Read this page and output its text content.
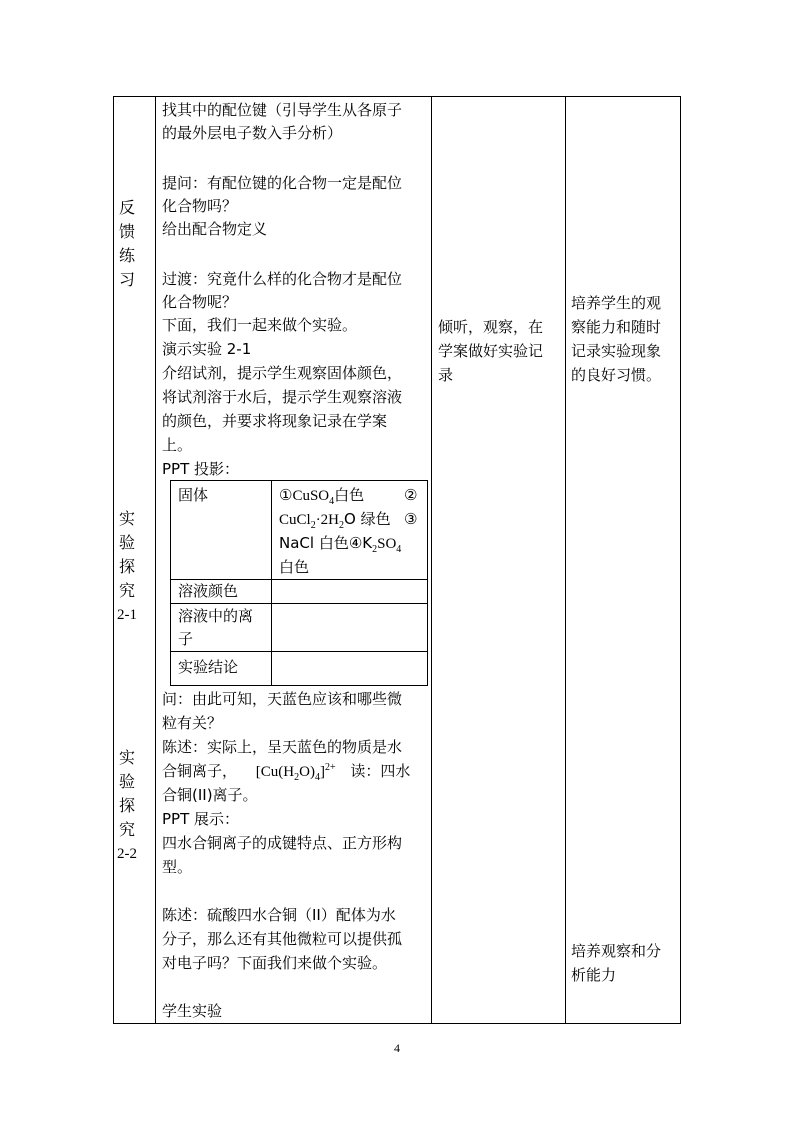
反
馈
练
习
实
验
探
究
2-1
实
验
探
究
2-2
找其中的配位键（引导学生从各原子
的最外层电子数入手分析）
提问：有配位键的化合物一定是配位
化合物吗？
给出配合物定义
过渡：究竟什么样的化合物才是配位
化合物呢？
下面，我们一起来做个实验。
演示实验 2-1
介绍试剂，提示学生观察固体颜色，
将试剂溶于水后，提示学生观察溶液
的颜色，并要求将现象记录在学案
上。
PPT 投影：
问：由此可知，天蓝色应该和哪些微
粒有关？
陈述：实际上，呈天蓝色的物质是水
合铜离子， $[Cu(H_2O)_4]^{2+}$ 读：四水
合铜(II)离子。
PPT 展示：
四水合铜离子的成键特点、正方形构
型。
陈述：硫酸四水合铜（II）配体为水
分子，那么还有其他微粒可以提供孤
对电子吗？下面我们来做个实验。
学生实验
固体	①CuSO$_4$白色	②
$CuCl_2\cdot 2H_2O$ 绿色 ③
NaCl 白色$④K_2SO_4$
白色
溶液颜色
溶液中的离
子
实验结论
倾听，观察，在
学案做好实验记
录
培养学生的观
察能力和随时
记录实验现象
的良好习惯。
培养观察和分
析能力
4
